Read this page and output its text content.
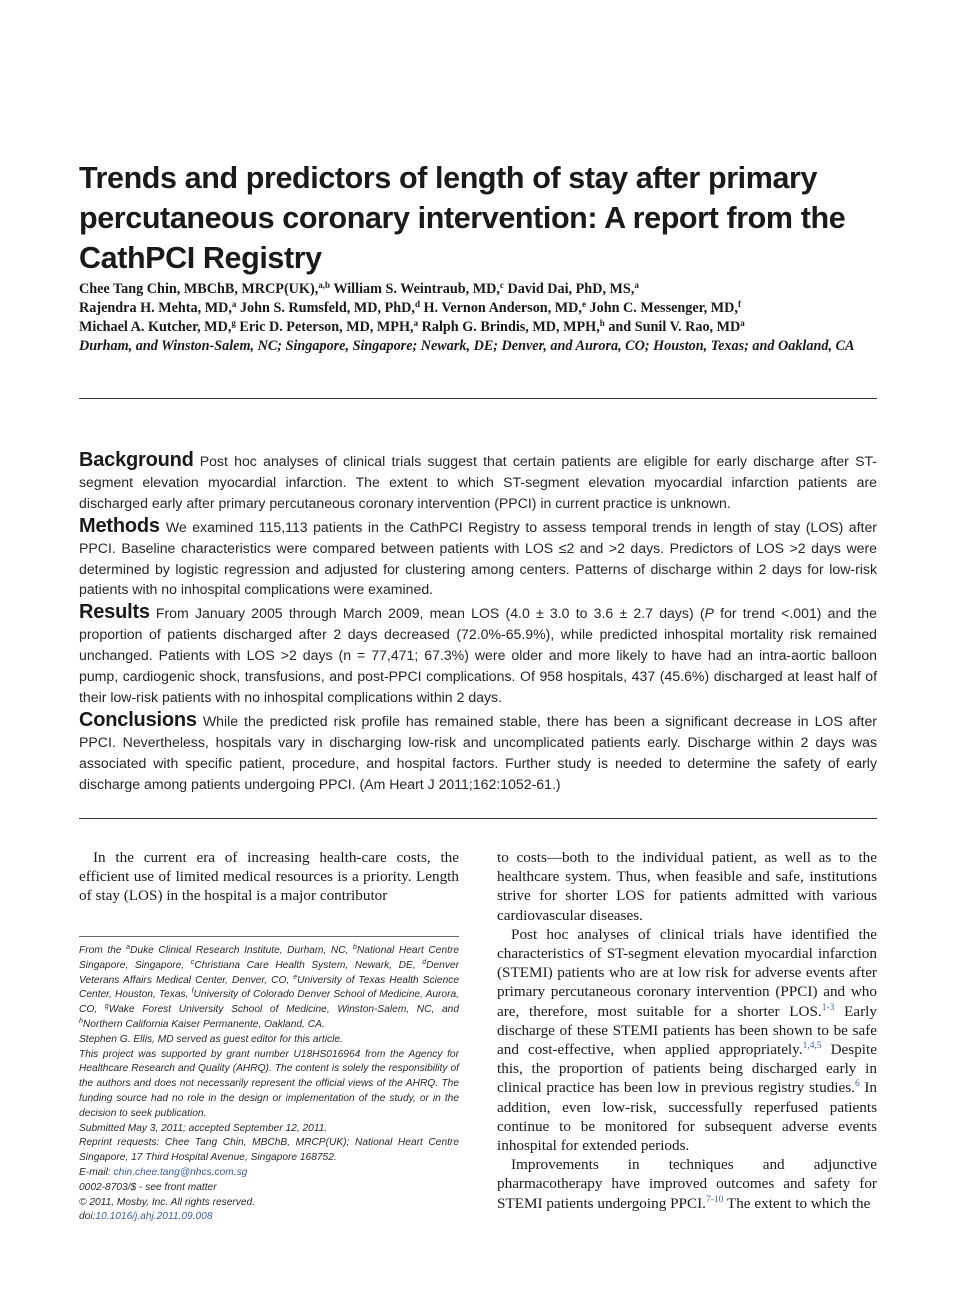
Trends and predictors of length of stay after primary percutaneous coronary intervention: A report from the CathPCI Registry
Chee Tang Chin, MBChB, MRCP(UK),$^{a,b}$ William S. Weintraub, MD,$^c$ David Dai, PhD, MS,$^a$
Rajendra H. Mehta, MD,$^a$ John S. Rumsfeld, MD, PhD,$^d$ H. Vernon Anderson, MD,$^e$ John C. Messenger, MD,$^f$
Michael A. Kutcher, MD,$^g$ Eric D. Peterson, MD, MPH,$^a$ Ralph G. Brindis, MD, MPH,$^h$ and Sunil V. Rao, $MD^a$
Durham, and Winston-Salem, NC; Singapore, Singapore; Newark, DE; Denver, and Aurora, CO; Houston, Texas; and Oakland, CA

Background Post hoc analyses of clinical trials suggest that certain patients are eligible for early discharge after ST-segment elevation myocardial infarction. The extent to which ST-segment elevation myocardial infarction patients are discharged early after primary percutaneous coronary intervention (PPCI) in current practice is unknown.

Methods We examined 115,113 patients in the CathPCI Registry to assess temporal trends in length of stay (LOS) after PPCI. Baseline characteristics were compared between patients with LOS ≤2 and >2 days. Predictors of LOS >2 days were determined by logistic regression and adjusted for clustering among centers. Patterns of discharge within 2 days for low-risk patients with no inhospital complications were examined.

Results From January 2005 through March 2009, mean LOS (4.0 ± 3.0 to 3.6 ± 2.7 days) (P for trend <.001) and the proportion of patients discharged after 2 days decreased (72.0%-65.9%), while predicted inhospital mortality risk remained unchanged. Patients with LOS >2 days (n = 77,471; 67.3%) were older and more likely to have had an intra-aortic balloon pump, cardiogenic shock, transfusions, and post-PPCI complications. Of 958 hospitals, 437 (45.6%) discharged at least half of their low-risk patients with no inhospital complications within 2 days.

Conclusions While the predicted risk profile has remained stable, there has been a significant decrease in LOS after PPCI. Nevertheless, hospitals vary in discharging low-risk and uncomplicated patients early. Discharge within 2 days was associated with specific patient, procedure, and hospital factors. Further study is needed to determine the safety of early discharge among patients undergoing PPCI. (Am Heart J 2011;162:1052-61.)

In the current era of increasing health-care costs, the efficient use of limited medical resources is a priority. Length of stay (LOS) in the hospital is a major contributor

From the $^a$Duke Clinical Research Institute, Durham, NC, $^b$National Heart Centre Singapore, Singapore, $^c$Christiana Care Health System, Newark, DE, $^d$Denver Veterans Affairs Medical Center, Denver, CO, $^e$University of Texas Health Science Center, Houston, Texas, $^f$University of Colorado Denver School of Medicine, Aurora, CO, $^g$Wake Forest University School of Medicine, Winston-Salem, NC, and $^h$Northern California Kaiser Permanente, Oakland, CA.

Stephen G. Ellis, MD served as guest editor for this article.

This project was supported by grant number U18HS016964 from the Agency for Healthcare Research and Quality (AHRQ). The content is solely the responsibility of the authors and does not necessarily represent the official views of the AHRQ. The funding source had no role in the design or implementation of the study, or in the decision to seek publication.

Submitted May 3, 2011; accepted September 12, 2011.

Reprint requests: Chee Tang Chin, MBChB, MRCP(UK); National Heart Centre Singapore, 17 Third Hospital Avenue, Singapore 168752.

E-mail: chin.chee.tang@nhcs.com.sg

0002-8703/$ - see front matter

© 2011, Mosby, Inc. All rights reserved.

doi:10.1016/j.ahj.2011.09.008

to costs—both to the individual patient, as well as to the healthcare system. Thus, when feasible and safe, institutions strive for shorter LOS for patients admitted with various cardiovascular diseases.

Post hoc analyses of clinical trials have identified the characteristics of ST-segment elevation myocardial infarction (STEMI) patients who are at low risk for adverse events after primary percutaneous coronary intervention (PPCI) and who are, therefore, most suitable for a shorter LOS.$^{1-3}$ Early discharge of these STEMI patients has been shown to be safe and cost-effective, when applied appropriately.$^{1,4,5}$ Despite this, the proportion of patients being discharged early in clinical practice has been low in previous registry studies.$^6$ In addition, even low-risk, successfully reperfused patients continue to be monitored for subsequent adverse events inhospital for extended periods.

Improvements in techniques and adjunctive pharmacotherapy have improved outcomes and safety for STEMI patients undergoing PPCI.$^{7-10}$ The extent to which the
